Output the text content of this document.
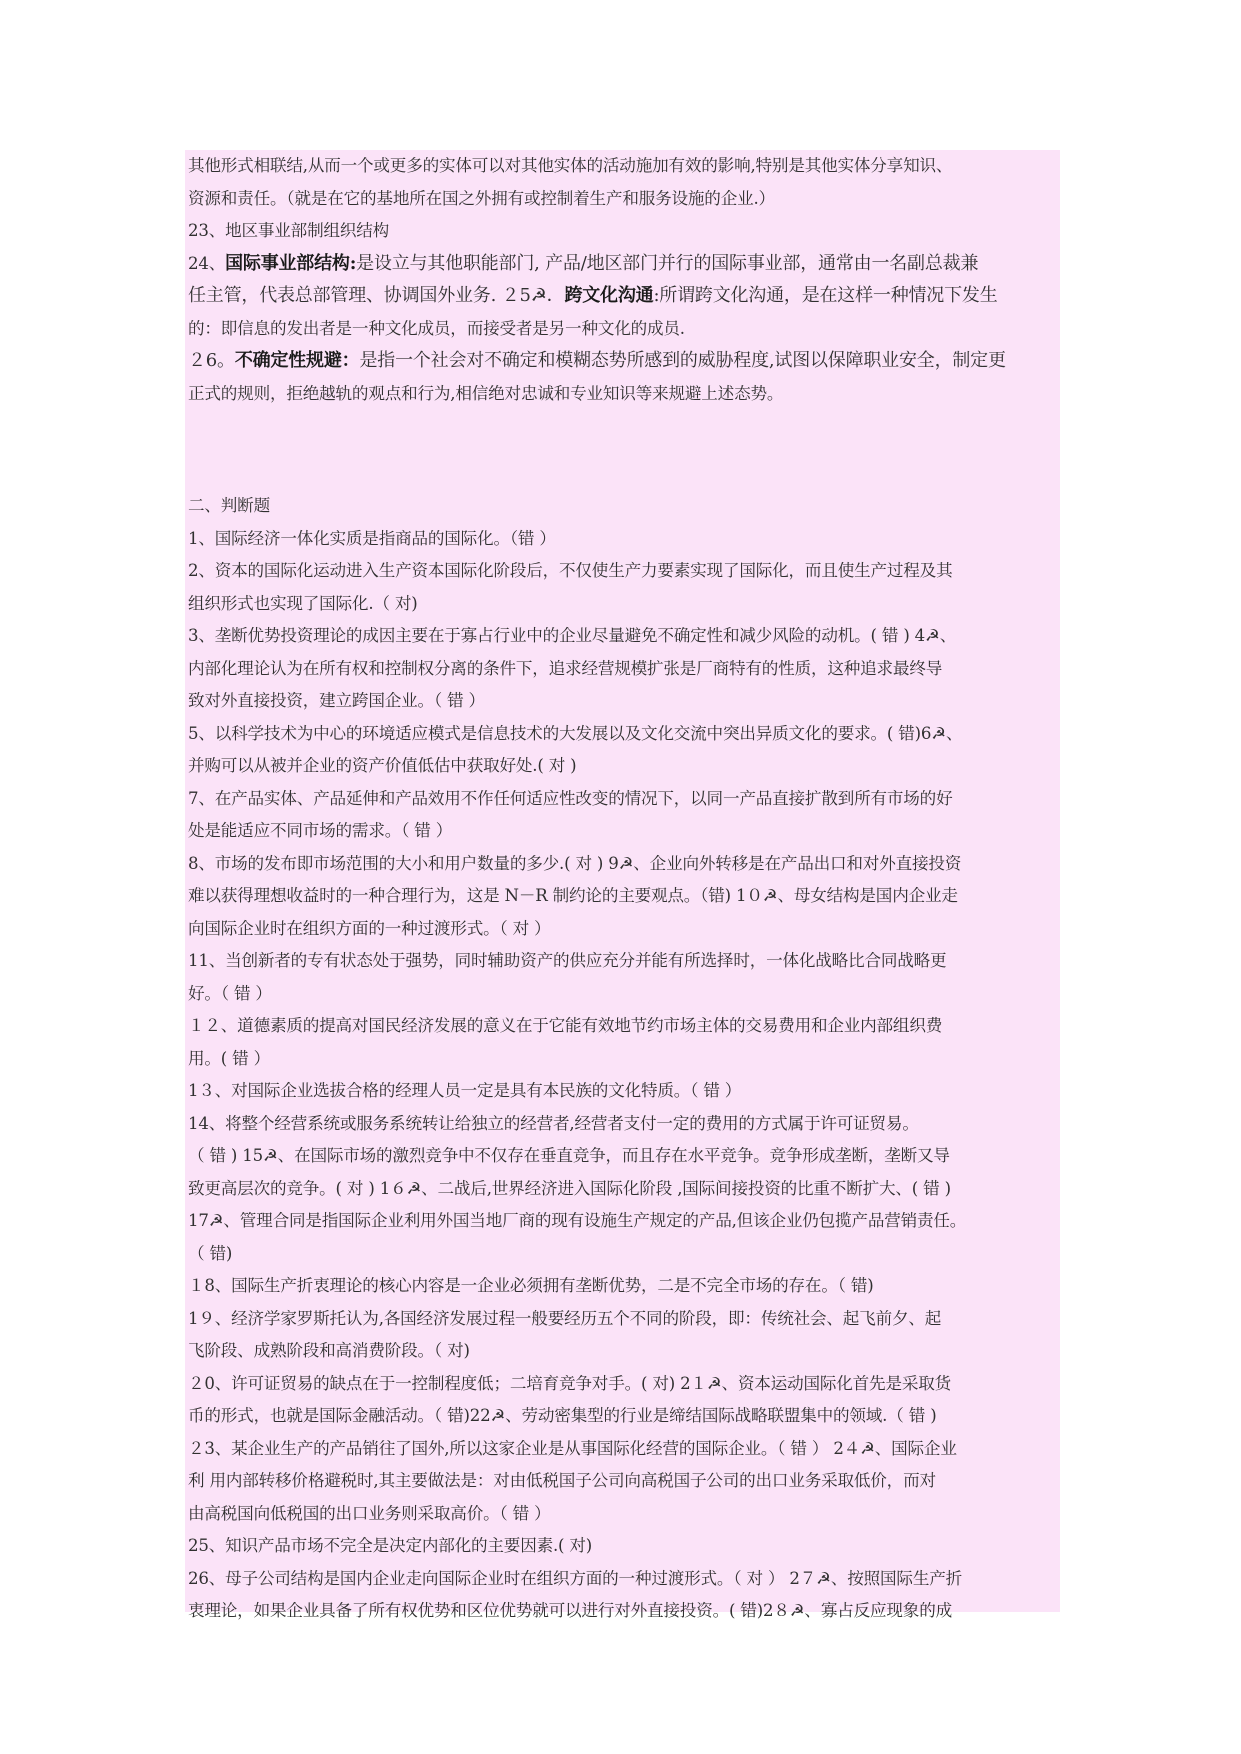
其他形式相联结,从而一个或更多的实体可以对其他实体的活动施加有效的影响,特别是其他实体分享知识、
资源和责任。（就是在它的基地所在国之外拥有或控制着生产和服务设施的企业.）
23、地区事业部制组织结构
24、国际事业部结构:是设立与其他职能部门, 产品/地区部门并行的国际事业部，通常由一名副总裁兼
任主管，代表总部管理、协调国外业务. ２5☭．跨文化沟通:所谓跨文化沟通，是在这样一种情况下发生
的：即信息的发出者是一种文化成员，而接受者是另一种文化的成员.
２6。不确定性规避：是指一个社会对不确定和模糊态势所感到的威胁程度,试图以保障职业安全，制定更
正式的规则，拒绝越轨的观点和行为,相信绝对忠诚和专业知识等来规避上述态势。
二、判断题
1、国际经济一体化实质是指商品的国际化。（错 ）
2、资本的国际化运动进入生产资本国际化阶段后，不仅使生产力要素实现了国际化，而且使生产过程及其
组织形式也实现了国际化.（ 对)
3、垄断优势投资理论的成因主要在于寡占行业中的企业尽量避免不确定性和减少风险的动机。( 错 ) 4☭、
内部化理论认为在所有权和控制权分离的条件下，追求经营规模扩张是厂商特有的性质，这种追求最终导
致对外直接投资，建立跨国企业。（ 错 ）
5、以科学技术为中心的环境适应模式是信息技术的大发展以及文化交流中突出异质文化的要求。( 错)6☭、
并购可以从被并企业的资产价值低估中获取好处.( 对 )
7、在产品实体、产品延伸和产品效用不作任何适应性改变的情况下，以同一产品直接扩散到所有市场的好
处是能适应不同市场的需求。（ 错 ）
8、市场的发布即市场范围的大小和用户数量的多少.( 对 ) 9☭、企业向外转移是在产品出口和对外直接投资
难以获得理想收益时的一种合理行为，这是 N－R 制约论的主要观点。（错) 1０☭、母女结构是国内企业走
向国际企业时在组织方面的一种过渡形式。（ 对 ）
11、当创新者的专有状态处于强势，同时辅助资产的供应充分并能有所选择时，一体化战略比合同战略更
好。（ 错 ）
１２、道德素质的提高对国民经济发展的意义在于它能有效地节约市场主体的交易费用和企业内部组织费
用。( 错 ）
1３、对国际企业选拔合格的经理人员一定是具有本民族的文化特质。（ 错 ）
14、将整个经营系统或服务系统转让给独立的经营者,经营者支付一定的费用的方式属于许可证贸易。
（ 错 ) 15☭、在国际市场的激烈竞争中不仅存在垂直竞争，而且存在水平竞争。竞争形成垄断，垄断又导
致更高层次的竞争。( 对 ) 1６☭、二战后,世界经济进入国际化阶段 ,国际间接投资的比重不断扩大、( 错 )
17☭、管理合同是指国际企业利用外国当地厂商的现有设施生产规定的产品,但该企业仍包揽产品营销责任。
（ 错)
１8、国际生产折衷理论的核心内容是一企业必须拥有垄断优势，二是不完全市场的存在。（ 错)
1９、经济学家罗斯托认为,各国经济发展过程一般要经历五个不同的阶段，即：传统社会、起飞前夕、起
飞阶段、成熟阶段和高消费阶段。（ 对)
２0、许可证贸易的缺点在于一控制程度低；二培育竞争对手。( 对) 2１☭、资本运动国际化首先是采取货
币的形式，也就是国际金融活动。（ 错)22☭、劳动密集型的行业是缔结国际战略联盟集中的领域.（ 错 )
２3、某企业生产的产品销往了国外,所以这家企业是从事国际化经营的国际企业。（ 错 ） 2４☭、国际企业
利 用内部转移价格避税时,其主要做法是：对由低税国子公司向高税国子公司的出口业务采取低价，而对
由高税国向低税国的出口业务则采取高价。（ 错 ）
25、知识产品市场不完全是决定内部化的主要因素.( 对)
26、母子公司结构是国内企业走向国际企业时在组织方面的一种过渡形式。（ 对 ） 2７☭、按照国际生产折
衷理论，如果企业具备了所有权优势和区位优势就可以进行对外直接投资。( 错)2８☭、寡占反应现象的成
